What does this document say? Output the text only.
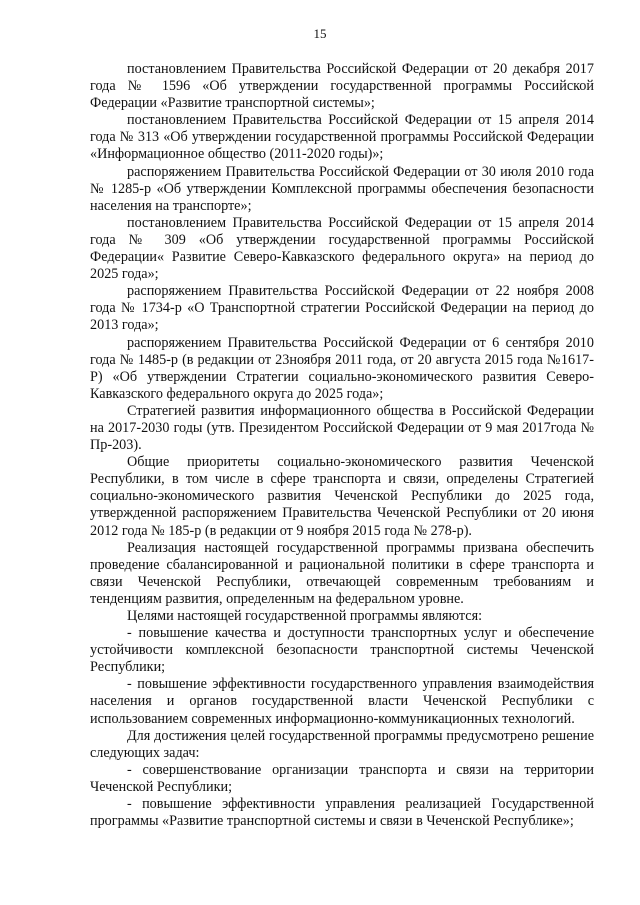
15

постановлением Правительства Российской Федерации от 20 декабря 2017 года № 1596 «Об утверждении государственной программы Российской Федерации «Развитие транспортной системы»;

постановлением Правительства Российской Федерации от 15 апреля 2014 года № 313 «Об утверждении государственной программы Российской Федерации «Информационное общество (2011-2020 годы)»;

распоряжением Правительства Российской Федерации от 30 июля 2010 года № 1285-р «Об утверждении Комплексной программы обеспечения безопасности населения на транспорте»;

постановлением Правительства Российской Федерации от 15 апреля 2014 года № 309 «Об утверждении государственной программы Российской Федерации« Развитие Северо-Кавказского федерального округа» на период до 2025 года»;

распоряжением Правительства Российской Федерации от 22 ноября 2008 года № 1734-р «О Транспортной стратегии Российской Федерации на период до 2013 года»;

распоряжением Правительства Российской Федерации от 6 сентября 2010 года № 1485-р (в редакции от 23ноября 2011 года, от 20 августа 2015 года №1617-Р) «Об утверждении Стратегии социально-экономического развития Северо-Кавказского федерального округа до 2025 года»;

Стратегией развития информационного общества в Российской Федерации на 2017-2030 годы (утв. Президентом Российской Федерации от 9 мая 2017года № Пр-203).

Общие приоритеты социально-экономического развития Чеченской Республики, в том числе в сфере транспорта и связи, определены Стратегией социально-экономического развития Чеченской Республики до 2025 года, утвержденной распоряжением Правительства Чеченской Республики от 20 июня 2012 года № 185-р (в редакции от 9 ноября 2015 года № 278-р).

Реализация настоящей государственной программы призвана обеспечить проведение сбалансированной и рациональной политики в сфере транспорта и связи Чеченской Республики, отвечающей современным требованиям и тенденциям развития, определенным на федеральном уровне.

Целями настоящей государственной программы являются:

- повышение качества и доступности транспортных услуг и обеспечение устойчивости комплексной безопасности транспортной системы Чеченской Республики;

- повышение эффективности государственного управления взаимодействия населения и органов государственной власти Чеченской Республики с использованием современных информационно-коммуникационных технологий.

Для достижения целей государственной программы предусмотрено решение следующих задач:

- совершенствование организации транспорта и связи на территории Чеченской Республики;

- повышение эффективности управления реализацией Государственной программы «Развитие транспортной системы и связи в Чеченской Республике»;
